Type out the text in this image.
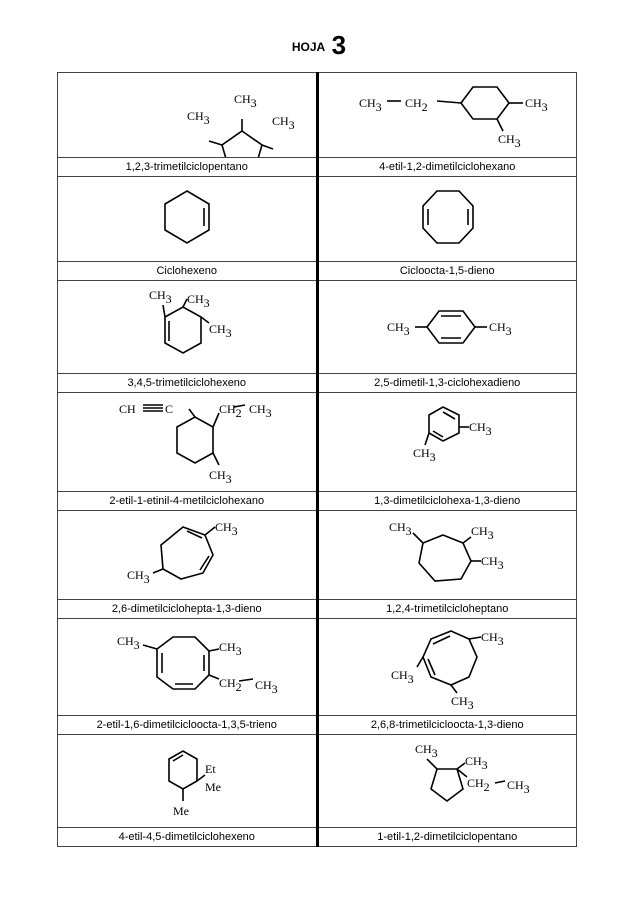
HOJA 3
CH3
CH3 CH3	CH3 CH2 CH3
CH3

1,2,3-trimetilciclopentano	4-etil-1,2-dimetilciclohexano

Ciclohexeno	Cicloocta-1,5-dieno

CH3 CH3
CH3	CH3 CH3

3,4,5-trimetilciclohexeno	2,5-dimetil-1,3-ciclohexadieno

CH C CH2 CH3
CH3	CH3
CH3

2-etil-1-etinil-4-metilciclohexano	1,3-dimetilciclohexa-1,3-dieno

CH3
CH3	CH3 CH3
CH3

2,6-dimetilciclohepta-1,3-dieno	1,2,4-trimetilcicloheptano

CH3 CH3
CH2 CH3	CH3
CH3
CH3

2-etil-1,6-dimetilcicloocta-1,3,5-trieno	2,6,8-trimetilcicloocta-1,3-dieno

Et
Me
Me	CH3
CH3
CH2 CH3

4-etil-4,5-dimetilciclohexeno	1-etil-1,2-dimetilciclopentano
